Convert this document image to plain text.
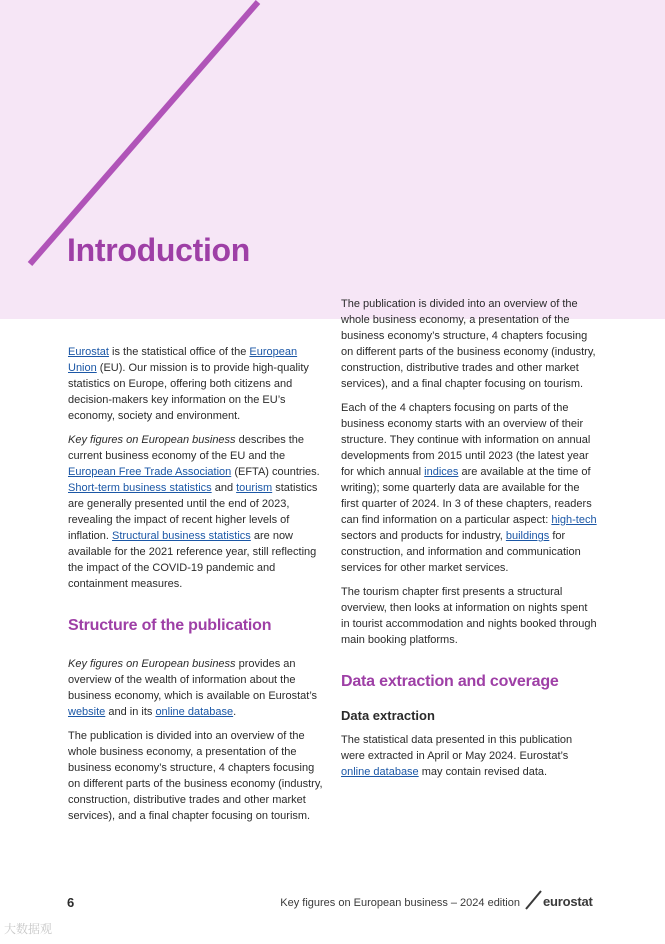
Introduction

Eurostat is the statistical office of the European Union (EU). Our mission is to provide high-quality statistics on Europe, offering both citizens and decision-makers key information on the EU’s economy, society and environment.

Key figures on European business describes the current business economy of the EU and the European Free Trade Association (EFTA) countries. Short-term business statistics and tourism statistics are generally presented until the end of 2023, revealing the impact of recent higher levels of inflation. Structural business statistics are now available for the 2021 reference year, still reflecting the impact of the COVID-19 pandemic and containment measures.

Structure of the publication

Key figures on European business provides an overview of the wealth of information about the business economy, which is available on Eurostat’s website and in its online database.

The publication is divided into an overview of the whole business economy, a presentation of the business economy’s structure, 4 chapters focusing on different parts of the business economy (industry, construction, distributive trades and other market services), and a final chapter focusing on tourism.

The publication is divided into an overview of the whole business economy, a presentation of the business economy’s structure, 4 chapters focusing on different parts of the business economy (industry, construction, distributive trades and other market services), and a final chapter focusing on tourism.

Each of the 4 chapters focusing on parts of the business economy starts with an overview of their structure. They continue with information on annual developments from 2015 until 2023 (the latest year for which annual indices are available at the time of writing); some quarterly data are available for the first quarter of 2024. In 3 of these chapters, readers can find information on a particular aspect: high-tech sectors and products for industry, buildings for construction, and information and communication services for other market services.

The tourism chapter first presents a structural overview, then looks at information on nights spent in tourist accommodation and nights booked through main booking platforms.

Data extraction and coverage
Data extraction

The statistical data presented in this publication were extracted in April or May 2024. Eurostat’s online database may contain revised data.

6	Key figures on European business – 2024 edition eurostat
大数据观
